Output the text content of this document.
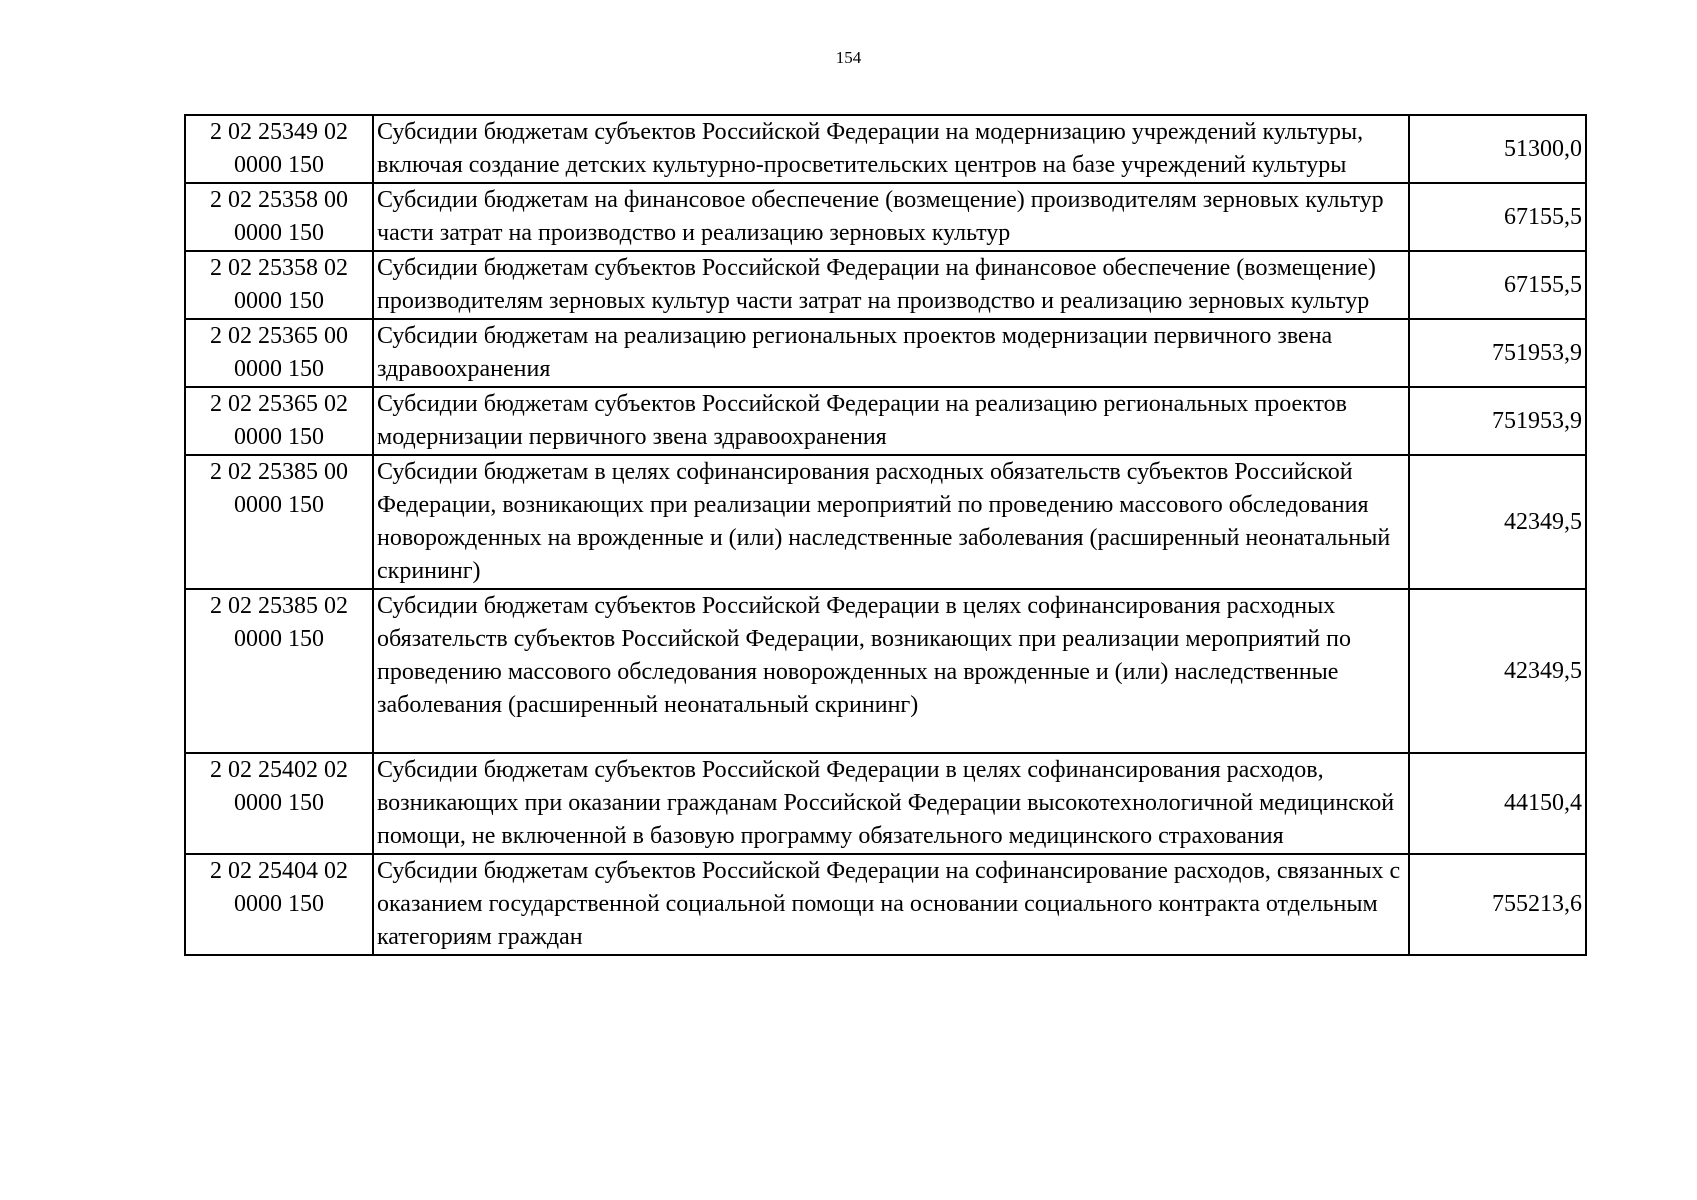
154
2 02 25349 02 0000 150	Субсидии бюджетам субъектов Российской Федерации на модернизацию учреждений культуры, включая создание детских культурно-просветительских центров на базе учреждений культуры	51300,0
2 02 25358 00 0000 150	Субсидии бюджетам на финансовое обеспечение (возмещение) производителям зерновых культур части затрат на производство и реализацию зерновых культур	67155,5
2 02 25358 02 0000 150	Субсидии бюджетам субъектов Российской Федерации на финансовое обеспечение (возмещение) производителям зерновых культур части затрат на производство и реализацию зерновых культур	67155,5
2 02 25365 00 0000 150	Субсидии бюджетам на реализацию региональных проектов модернизации первичного звена здравоохранения	751953,9
2 02 25365 02 0000 150	Субсидии бюджетам субъектов Российской Федерации на реализацию региональных проектов модернизации первичного звена здравоохранения	751953,9
2 02 25385 00 0000 150	Субсидии бюджетам в целях софинансирования расходных обязательств субъектов Российской Федерации, возникающих при реализации мероприятий по проведению массового обследования новорожденных на врожденные и (или) наследственные заболевания (расширенный неонатальный скрининг)	42349,5
2 02 25385 02 0000 150	Субсидии бюджетам субъектов Российской Федерации в целях софинансирования расходных обязательств субъектов Российской Федерации, возникающих при реализации мероприятий по проведению массового обследования новорожденных на врожденные и (или) наследственные заболевания (расширенный неонатальный скрининг)	42349,5
2 02 25402 02 0000 150	Субсидии бюджетам субъектов Российской Федерации в целях софинансирования расходов, возникающих при оказании гражданам Российской Федерации высокотехнологичной медицинской помощи, не включенной в базовую программу обязательного медицинского страхования	44150,4
2 02 25404 02 0000 150	Субсидии бюджетам субъектов Российской Федерации на софинансирование расходов, связанных с оказанием государственной социальной помощи на основании социального контракта отдельным категориям граждан	755213,6
